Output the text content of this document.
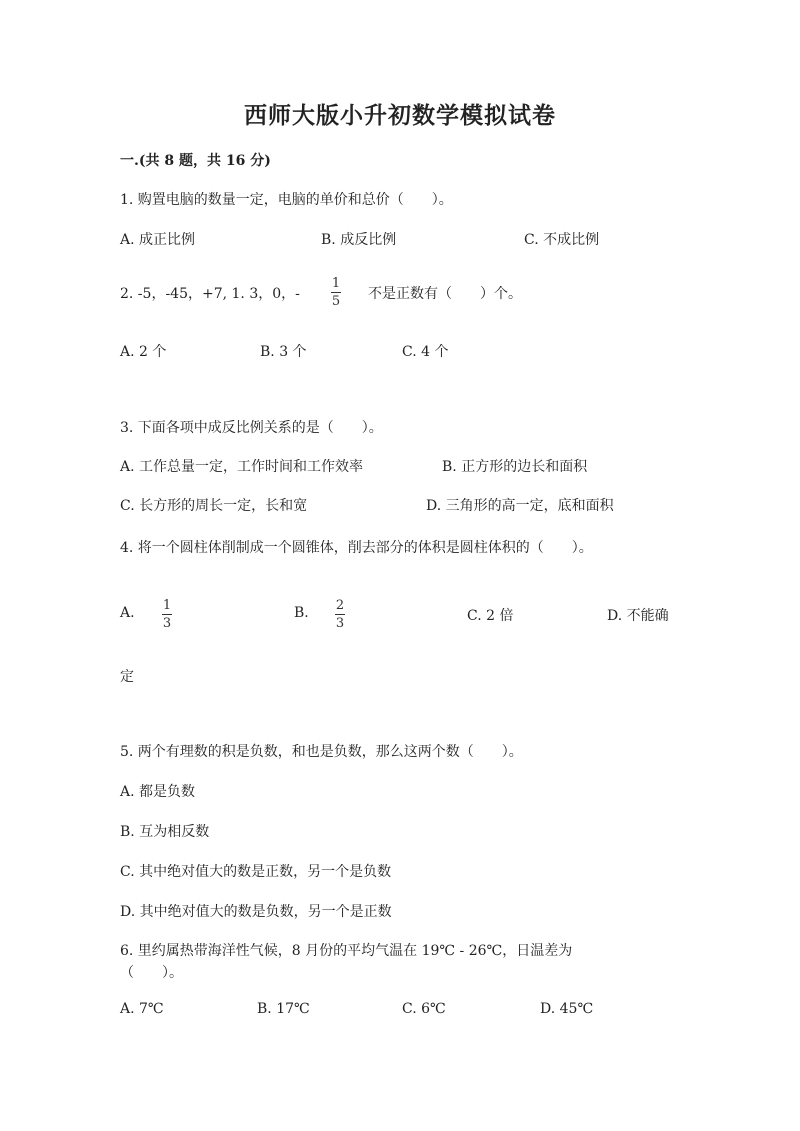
西师大版小升初数学模拟试卷
一.(共 8 题，共 16 分)
1. 购置电脑的数量一定，电脑的单价和总价（　　）。
A. 成正比例	B. 成反比例	C. 不成比例
2. -5，-45，+7, 1. 3，0，-
1
5 不是正数有（　　）个。
A. 2 个	B. 3 个	C. 4 个
3. 下面各项中成反比例关系的是（　　）。
A. 工作总量一定，工作时间和工作效率	B. 正方形的边长和面积
C. 长方形的周长一定，长和宽	D. 三角形的高一定，底和面积
4. 将一个圆柱体削制成一个圆锥体，削去部分的体积是圆柱体积的（　　）。
A. 1
3
B. 2
3	C. 2 倍	D. 不能确
定
5. 两个有理数的积是负数，和也是负数，那么这两个数（　　）。
A. 都是负数
B. 互为相反数
C. 其中绝对值大的数是正数，另一个是负数
D. 其中绝对值大的数是负数，另一个是正数
6. 里约属热带海洋性气候，8 月份的平均气温在 19℃ - 26℃，日温差为
（　　）。
A. 7℃	B. 17℃	C. 6℃	D. 45℃
